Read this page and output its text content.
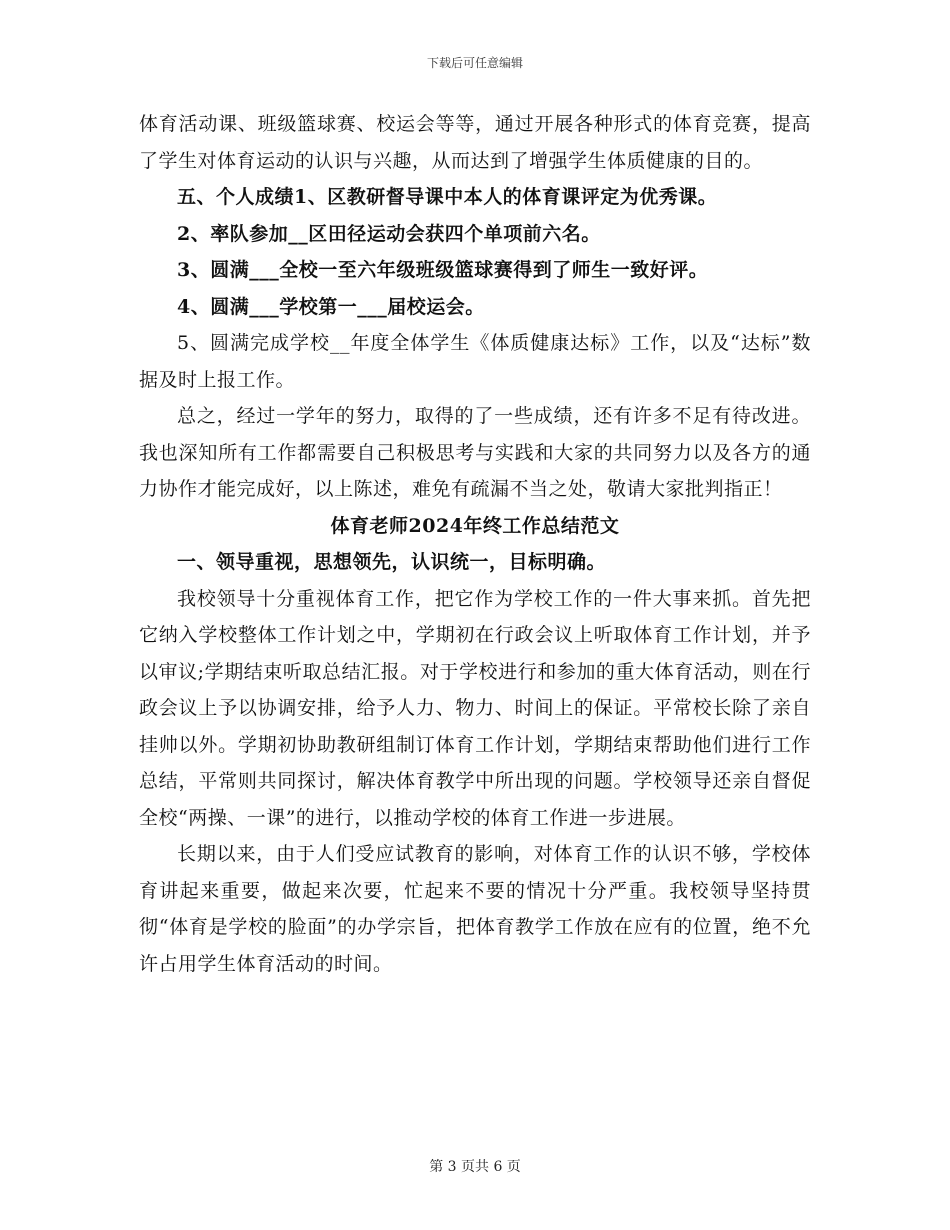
下载后可任意编辑

体育活动课、班级篮球赛、校运会等等，通过开展各种形式的体育竞赛，提高了学生对体育运动的认识与兴趣，从而达到了增强学生体质健康的目的。

五、个人成绩1、区教研督导课中本人的体育课评定为优秀课。

2、率队参加__区田径运动会获四个单项前六名。

3、圆满___全校一至六年级班级篮球赛得到了师生一致好评。

4、圆满___学校第一___届校运会。

5、圆满完成学校__年度全体学生《体质健康达标》工作，以及“达标”数据及时上报工作。

总之，经过一学年的努力，取得的了一些成绩，还有许多不足有待改进。我也深知所有工作都需要自己积极思考与实践和大家的共同努力以及各方的通力协作才能完成好，以上陈述，难免有疏漏不当之处，敬请大家批判指正！

体育老师2024年终工作总结范文

一、领导重视，思想领先，认识统一，目标明确。

我校领导十分重视体育工作，把它作为学校工作的一件大事来抓。首先把它纳入学校整体工作计划之中，学期初在行政会议上听取体育工作计划，并予以审议;学期结束听取总结汇报。对于学校进行和参加的重大体育活动，则在行政会议上予以协调安排，给予人力、物力、时间上的保证。平常校长除了亲自挂帅以外。学期初协助教研组制订体育工作计划，学期结束帮助他们进行工作总结，平常则共同探讨，解决体育教学中所出现的问题。学校领导还亲自督促全校“两操、一课”的进行，以推动学校的体育工作进一步进展。

长期以来，由于人们受应试教育的影响，对体育工作的认识不够，学校体育讲起来重要，做起来次要，忙起来不要的情况十分严重。我校领导坚持贯彻“体育是学校的脸面”的办学宗旨，把体育教学工作放在应有的位置，绝不允许占用学生体育活动的时间。

第 3 页共 6 页
